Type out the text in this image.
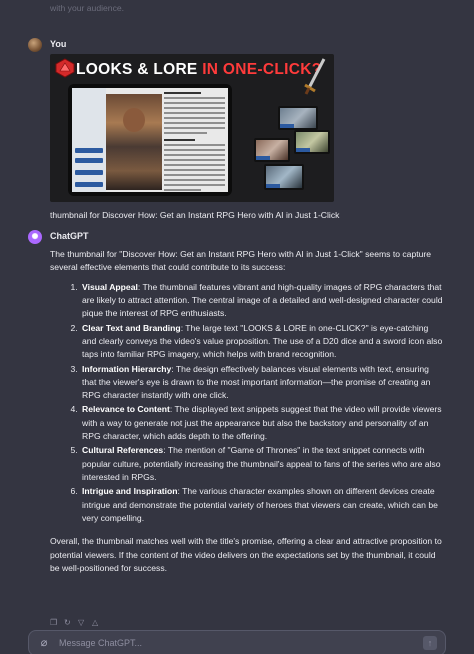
with your audience.
You
LOOKS & LORE IN ONE-CLICK?
thumbnail for Discover How: Get an Instant RPG Hero with AI in Just 1-Click
✺	ChatGPT

The thumbnail for "Discover How: Get an Instant RPG Hero with AI in Just 1-Click" seems to capture several effective elements that could contribute to its success:

1. Visual Appeal: The thumbnail features vibrant and high-quality images of RPG characters that are likely to attract attention. The central image of a detailed and well-designed character could pique the interest of RPG enthusiasts.
2. Clear Text and Branding: The large text "LOOKS & LORE in one-CLICK?" is eye-catching and clearly conveys the video's value proposition. The use of a D20 dice and a sword icon also taps into familiar RPG imagery, which helps with brand recognition.
3. Information Hierarchy: The design effectively balances visual elements with text, ensuring that the viewer's eye is drawn to the most important information—the promise of creating an RPG character instantly with one click.
4. Relevance to Content: The displayed text snippets suggest that the video will provide viewers with a way to generate not just the appearance but also the backstory and personality of an RPG character, which adds depth to the offering.
5. Cultural References: The mention of "Game of Thrones" in the text snippet connects with popular culture, potentially increasing the thumbnail's appeal to fans of the series who are also interested in RPGs.
6. Intrigue and Inspiration: The various character examples shown on different devices create intrigue and demonstrate the potential variety of heroes that viewers can create, which can be very compelling.

Overall, the thumbnail matches well with the title's promise, offering a clear and attractive proposition to potential viewers. If the content of the video delivers on the expectations set by the thumbnail, it could be well-positioned for success.

❐ ↻ ▽ △
⌀
Message ChatGPT...	↑
